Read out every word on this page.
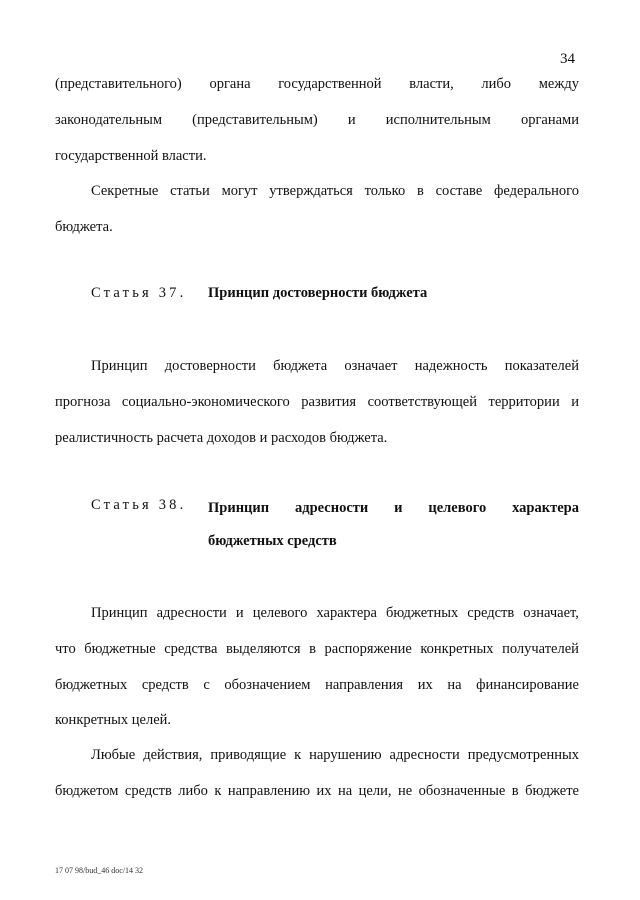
34
(представительного) органа государственной власти, либо между
законодательным (представительным) и исполнительным органами
государственной власти.
Секретные статьи могут утверждаться только в составе федерального
бюджета.
Статья 37. Принцип достоверности бюджета
Принцип достоверности бюджета означает надежность показателей
прогноза социально-экономического развития соответствующей территории и
реалистичность расчета доходов и расходов бюджета.
Статья 38. Принцип адресности и целевого характера
бюджетных средств
Принцип адресности и целевого характера бюджетных средств означает,
что бюджетные средства выделяются в распоряжение конкретных получателей
бюджетных средств с обозначением направления их на финансирование
конкретных целей.
Любые действия, приводящие к нарушению адресности предусмотренных
бюджетом средств либо к направлению их на цели, не обозначенные в бюджете
17 07 98/bud_46 doc/14 32
